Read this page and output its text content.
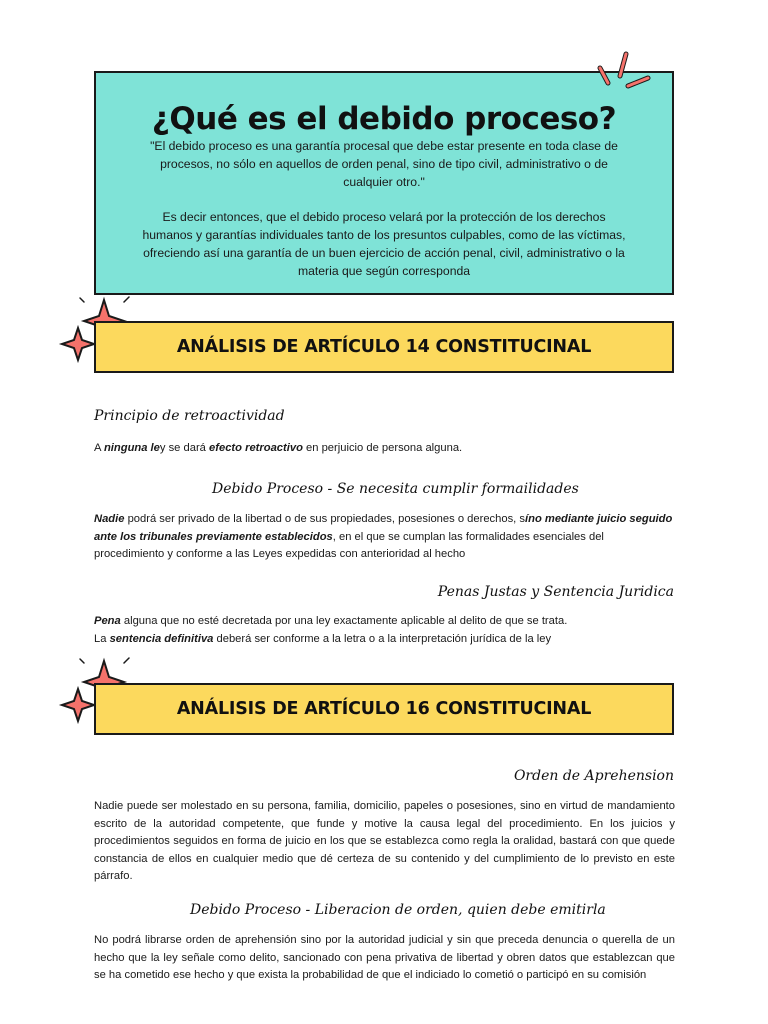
¿Qué es el debido proceso?

"El debido proceso es una garantía procesal que debe estar presente en toda clase de procesos, no sólo en aquellos de orden penal, sino de tipo civil, administrativo o de cualquier otro."

Es decir entonces, que el debido proceso velará por la protección de los derechos humanos y garantías individuales tanto de los presuntos culpables, como de las víctimas, ofreciendo así una garantía de un buen ejercicio de acción penal, civil, administrativo o la materia que según corresponda

ANÁLISIS DE ARTÍCULO 14 CONSTITUCINAL

Principio de retroactividad

A ninguna ley se dará efecto retroactivo en perjuicio de persona alguna.

Debido Proceso - Se necesita cumplir formailidades

Nadie podrá ser privado de la libertad o de sus propiedades, posesiones o derechos, síno mediante juicio seguido ante los tribunales previamente establecidos, en el que se cumplan las formalidades esenciales del procedimiento y conforme a las Leyes expedidas con anterioridad al hecho

Penas Justas y Sentencia Juridica

Pena alguna que no esté decretada por una ley exactamente aplicable al delito de que se trata.
La sentencia definitiva deberá ser conforme a la letra o a la interpretación jurídica de la ley

ANÁLISIS DE ARTÍCULO 16 CONSTITUCINAL

Orden de Aprehension

Nadie puede ser molestado en su persona, familia, domicilio, papeles o posesiones, sino en virtud de mandamiento escrito de la autoridad competente, que funde y motive la causa legal del procedimiento. En los juicios y procedimientos seguidos en forma de juicio en los que se establezca como regla la oralidad, bastará con que quede constancia de ellos en cualquier medio que dé certeza de su contenido y del cumplimiento de lo previsto en este párrafo.

Debido Proceso - Liberacion de orden, quien debe emitirla

No podrá librarse orden de aprehensión sino por la autoridad judicial y sin que preceda denuncia o querella de un hecho que la ley señale como delito, sancionado con pena privativa de libertad y obren datos que establezcan que se ha cometido ese hecho y que exista la probabilidad de que el indiciado lo cometió o participó en su comisión
